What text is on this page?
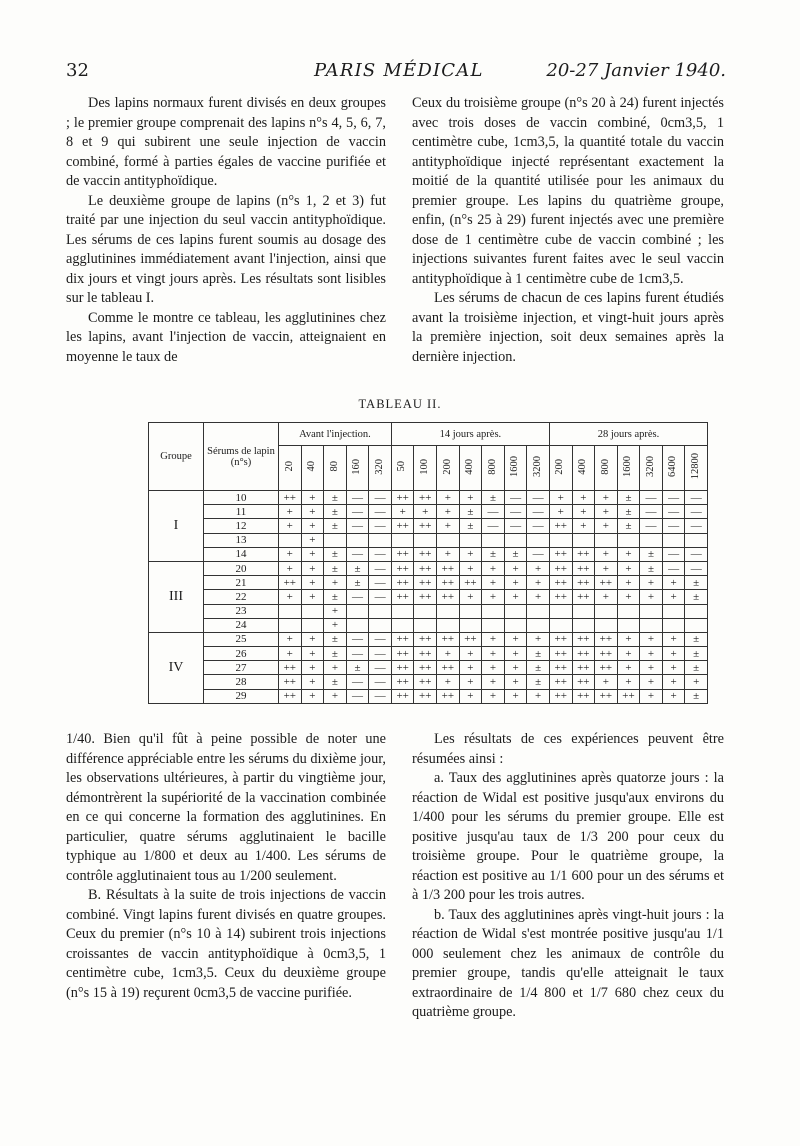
32	PARIS MÉDICAL	20-27 Janvier 1940.

Des lapins normaux furent divisés en deux groupes ; le premier groupe comprenait des lapins n°s 4, 5, 6, 7, 8 et 9 qui subirent une seule injection de vaccin combiné, formé à parties égales de vaccine purifiée et de vaccin antityphoïdique.

Le deuxième groupe de lapins (n°s 1, 2 et 3) fut traité par une injection du seul vaccin antityphoïdique. Les sérums de ces lapins furent soumis au dosage des agglutinines immédiatement avant l'injection, ainsi que dix jours et vingt jours après. Les résultats sont lisibles sur le tableau I.

Comme le montre ce tableau, les agglutinines chez les lapins, avant l'injection de vaccin, atteignaient en moyenne le taux de

Ceux du troisième groupe (n°s 20 à 24) furent injectés avec trois doses de vaccin combiné, 0cm3,5, 1 centimètre cube, 1cm3,5, la quantité totale du vaccin antityphoïdique injecté représentant exactement la moitié de la quantité utilisée pour les animaux du premier groupe. Les lapins du quatrième groupe, enfin, (n°s 25 à 29) furent injectés avec une première dose de 1 centimètre cube de vaccin combiné ; les injections suivantes furent faites avec le seul vaccin antityphoïdique à 1 centimètre cube de 1cm3,5.

Les sérums de chacun de ces lapins furent étudiés avant la troisième injection, et vingt-huit jours après la première injection, soit deux semaines après la dernière injection.

TABLEAU II.
Groupe	Sérums de lapin (n°s)	Avant l'injection.					14 jours après.							28 jours après.						
		20	40	80	160	320	50	100	200	400	800	1600	3200	200	400	800	1600	3200	6400	12800
I	10	++	+	±	—	—	++	++	+	+	±	—	—	+	+	+	±	—	—	—
	11	+	+	±	—	—	+	+	+	±	—	—	—	+	+	+	±	—	—	—
	12	+	+	±	—	—	++	++	+	±	—	—	—	++	+	+	±	—	—	—
	13		+																	
	14	+	+	±	—	—	++	++	+	+	±	±	—	++	++	+	+	±	—	—
III	20	+	+	±	±	—	++	++	++	+	+	+	+	++	++	+	+	±	—	—
	21	++	+	+	±	—	++	++	++	++	+	+	+	++	++	++	+	+	+	±
	22	+	+	±	—	—	++	++	++	+	+	+	+	++	++	+	+	+	+	±
	23			+																
	24			+																
IV	25	+	+	±	—	—	++	++	++	++	+	+	+	++	++	++	+	+	+	±
	26	+	+	±	—	—	++	++	+	+	+	+	±	++	++	++	+	+	+	±
	27	++	+	+	±	—	++	++	++	+	+	+	±	++	++	++	+	+	+	±
	28	++	+	±	—	—	++	++	+	+	+	+	±	++	++	+	+	+	+	+
	29	++	+	+	—	—	++	++	++	+	+	+	+	++	++	++	++	+	+	±

1/40. Bien qu'il fût à peine possible de noter une différence appréciable entre les sérums du dixième jour, les observations ultérieures, à partir du vingtième jour, démontrèrent la supériorité de la vaccination combinée en ce qui concerne la formation des agglutinines. En particulier, quatre sérums agglutinaient le bacille typhique au 1/800 et deux au 1/400. Les sérums de contrôle agglutinaient tous au 1/200 seulement.

B. Résultats à la suite de trois injections de vaccin combiné. Vingt lapins furent divisés en quatre groupes. Ceux du premier (n°s 10 à 14) subirent trois injections croissantes de vaccin antityphoïdique à 0cm3,5, 1 centimètre cube, 1cm3,5. Ceux du deuxième groupe (n°s 15 à 19) reçurent 0cm3,5 de vaccine purifiée.

Les résultats de ces expériences peuvent être résumées ainsi :

a. Taux des agglutinines après quatorze jours : la réaction de Widal est positive jusqu'aux environs du 1/400 pour les sérums du premier groupe. Elle est positive jusqu'au taux de 1/3 200 pour ceux du troisième groupe. Pour le quatrième groupe, la réaction est positive au 1/1 600 pour un des sérums et à 1/3 200 pour les trois autres.

b. Taux des agglutinines après vingt-huit jours : la réaction de Widal s'est montrée positive jusqu'au 1/1 000 seulement chez les animaux de contrôle du premier groupe, tandis qu'elle atteignait le taux extraordinaire de 1/4 800 et 1/7 680 chez ceux du quatrième groupe.
